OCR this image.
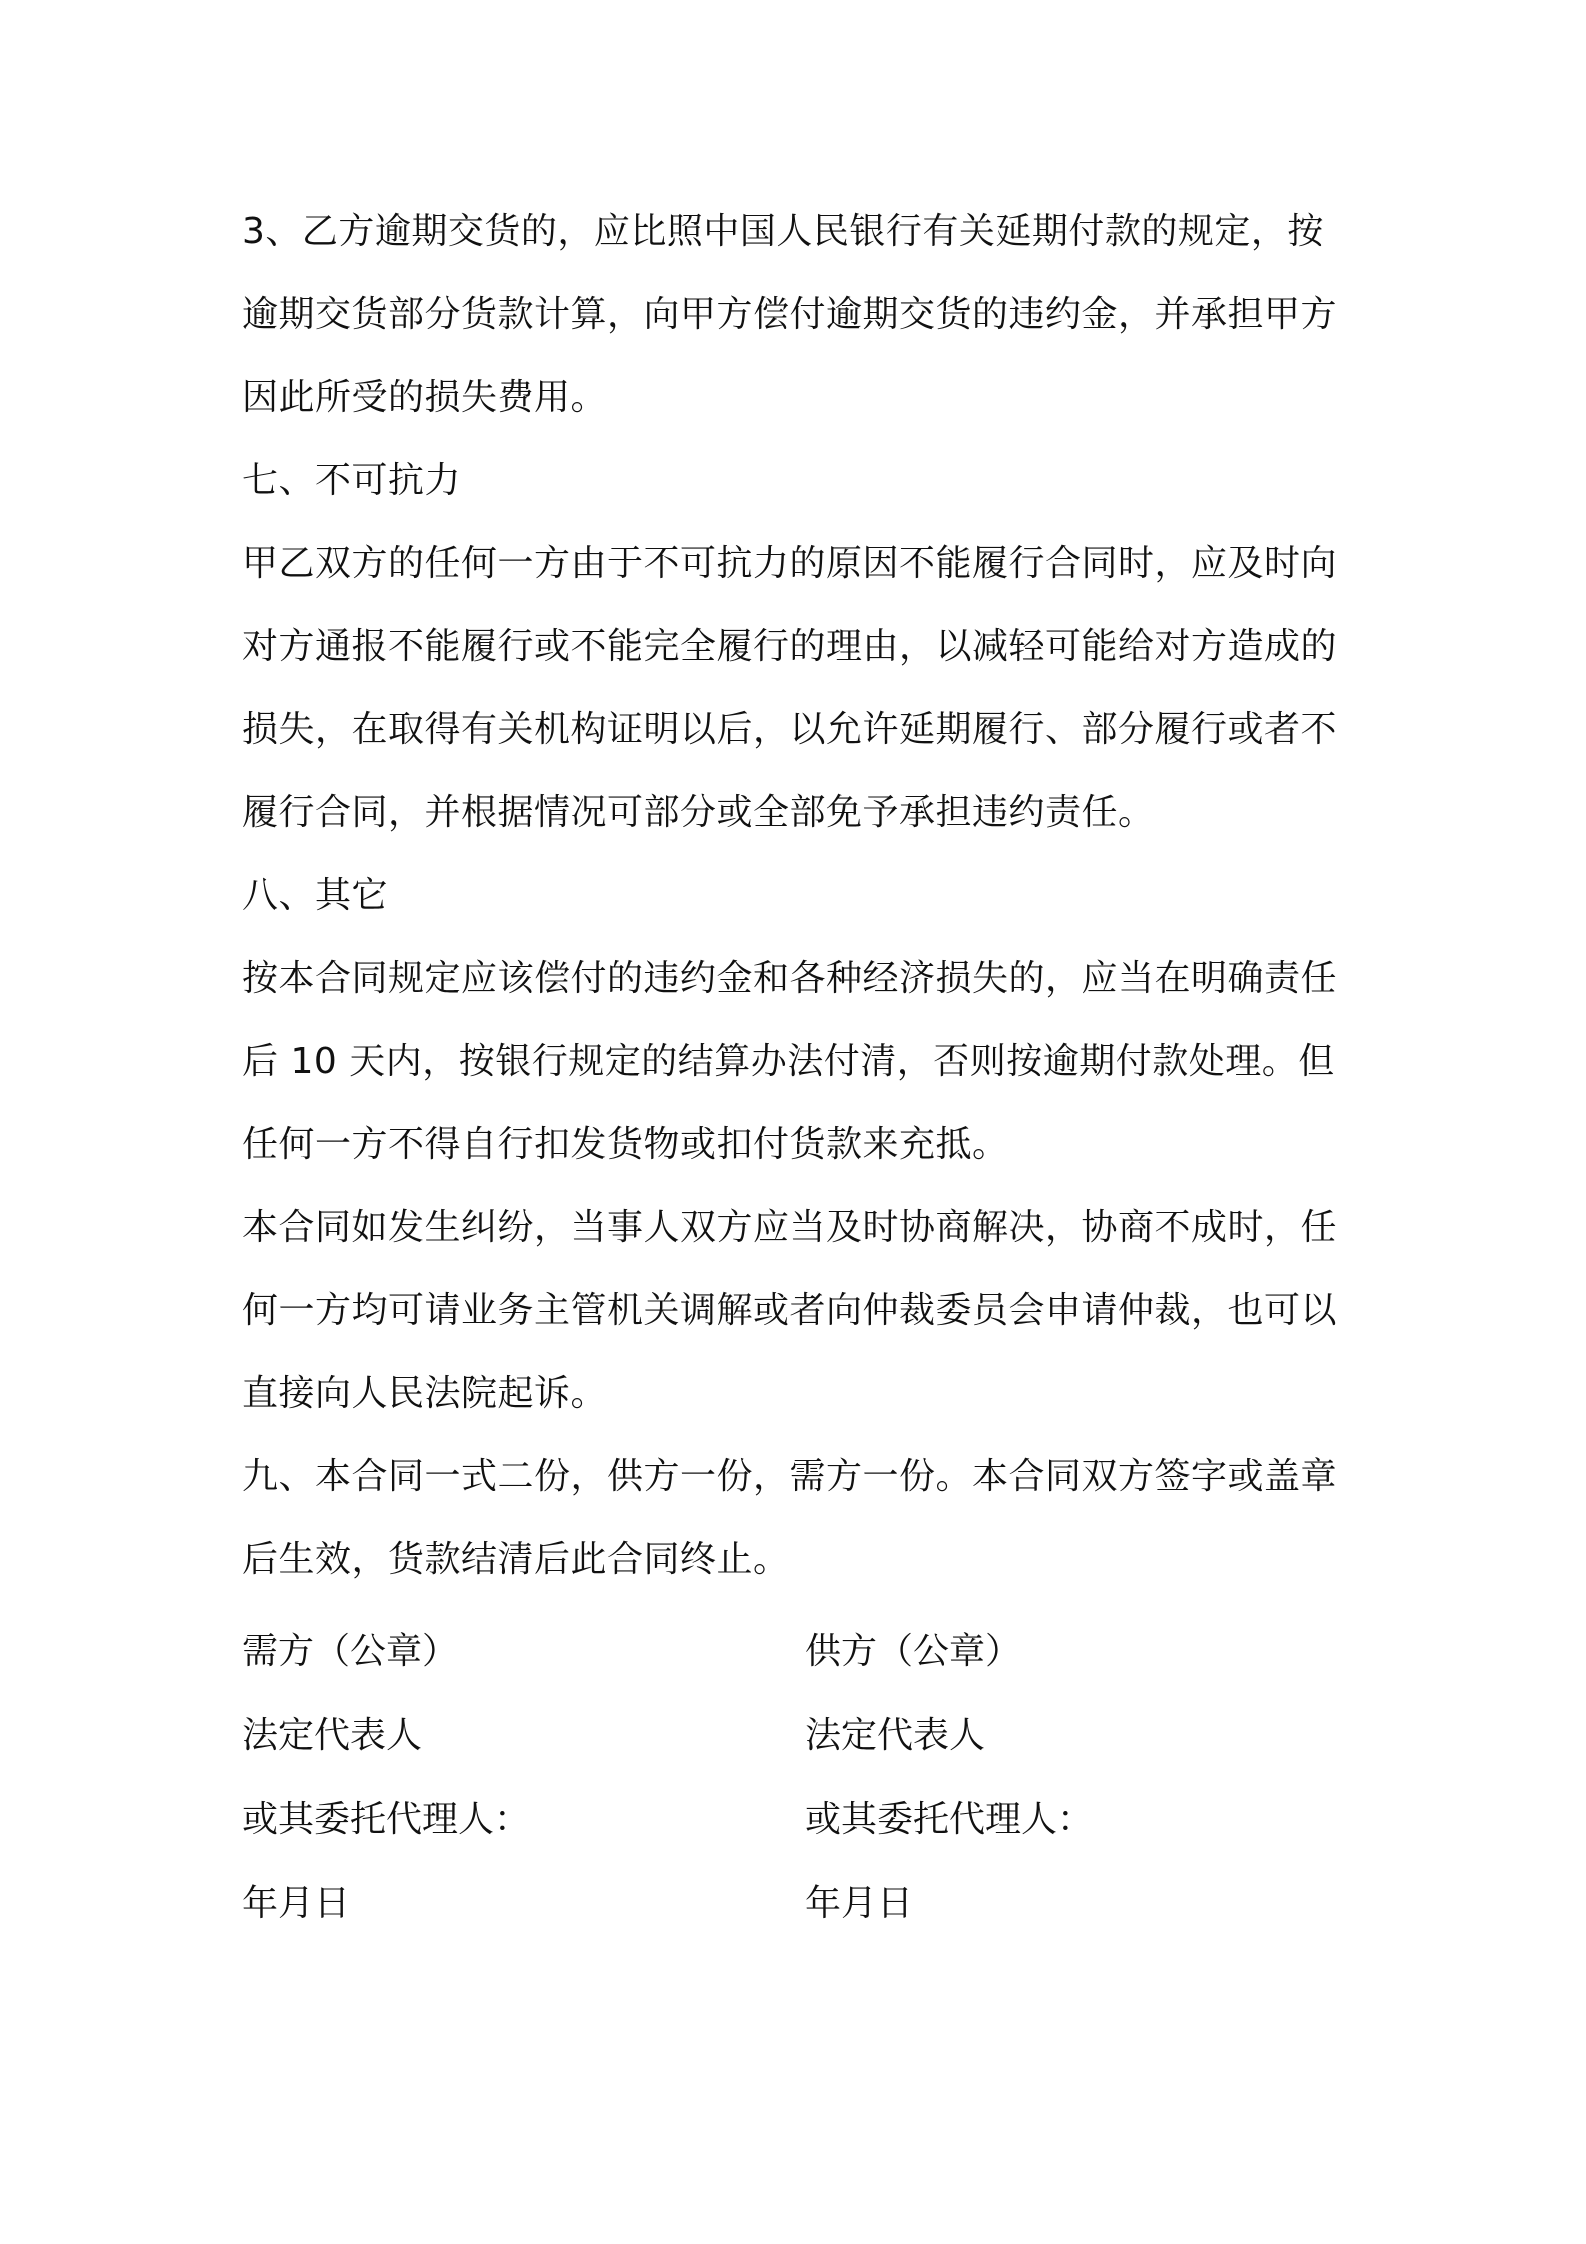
3、乙方逾期交货的，应比照中国人民银行有关延期付款的规定，按
逾期交货部分货款计算，向甲方偿付逾期交货的违约金，并承担甲方
因此所受的损失费用。
七、不可抗力
甲乙双方的任何一方由于不可抗力的原因不能履行合同时，应及时向
对方通报不能履行或不能完全履行的理由，以减轻可能给对方造成的
损失，在取得有关机构证明以后，以允许延期履行、部分履行或者不
履行合同，并根据情况可部分或全部免予承担违约责任。
八、其它
按本合同规定应该偿付的违约金和各种经济损失的，应当在明确责任
后 10 天内，按银行规定的结算办法付清，否则按逾期付款处理。但
任何一方不得自行扣发货物或扣付货款来充抵。
本合同如发生纠纷，当事人双方应当及时协商解决，协商不成时，任
何一方均可请业务主管机关调解或者向仲裁委员会申请仲裁，也可以
直接向人民法院起诉。
九、本合同一式二份，供方一份，需方一份。本合同双方签字或盖章
后生效，货款结清后此合同终止。
需方（公章）	供方（公章）
法定代表人	法定代表人
或其委托代理人：	或其委托代理人：
年月日	年月日
